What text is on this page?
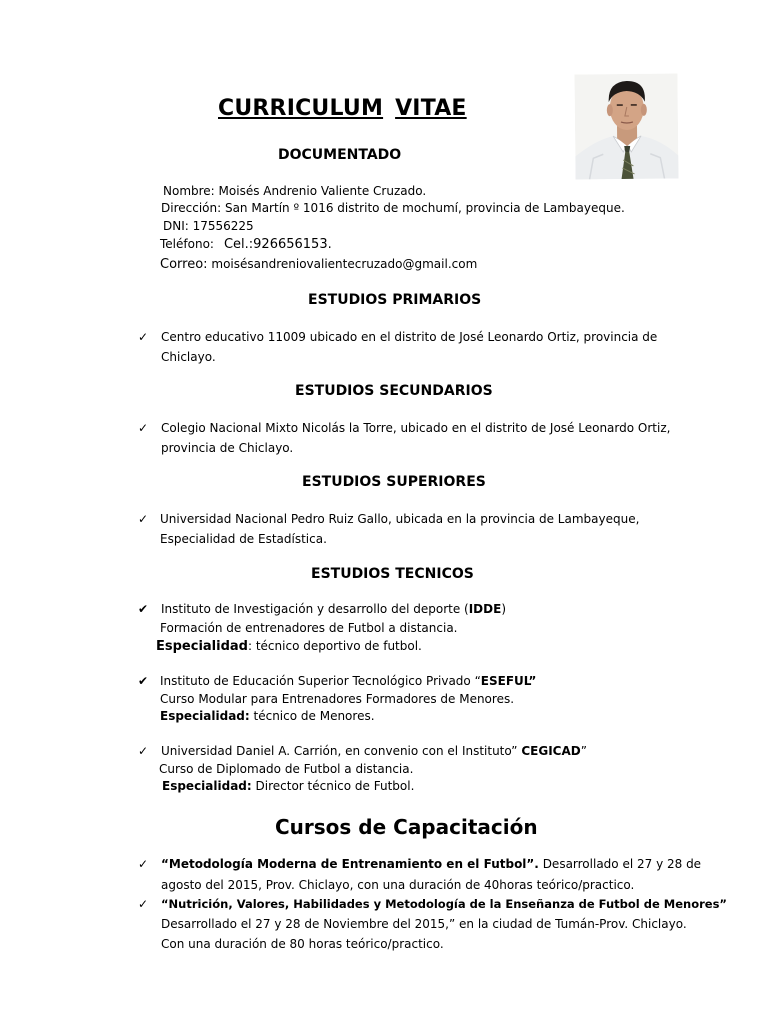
CURRICULUM VITAE
DOCUMENTADO
Nombre: Moisés Andrenio Valiente Cruzado.
Dirección: San Martín º 1016 distrito de mochumí, provincia de Lambayeque.
DNI: 17556225
Teléfono: Cel.:926656153.
Correo: moisésandreniovalientecruzado@gmail.com
ESTUDIOS PRIMARIOS
✓ Centro educativo 11009 ubicado en el distrito de José Leonardo Ortiz, provincia de
Chiclayo.
ESTUDIOS SECUNDARIOS
✓ Colegio Nacional Mixto Nicolás la Torre, ubicado en el distrito de José Leonardo Ortiz,
provincia de Chiclayo.
ESTUDIOS SUPERIORES
✓ Universidad Nacional Pedro Ruiz Gallo, ubicada en la provincia de Lambayeque,
Especialidad de Estadística.
ESTUDIOS TECNICOS
✔ Instituto de Investigación y desarrollo del deporte (IDDE)
Formación de entrenadores de Futbol a distancia.
Especialidad: técnico deportivo de futbol.
✔ Instituto de Educación Superior Tecnológico Privado “ESEFUL”
Curso Modular para Entrenadores Formadores de Menores.
Especialidad: técnico de Menores.
✓ Universidad Daniel A. Carrión, en convenio con el Instituto” CEGICAD”
Curso de Diplomado de Futbol a distancia.
Especialidad: Director técnico de Futbol.
Cursos de Capacitación
✓ “Metodología Moderna de Entrenamiento en el Futbol”. Desarrollado el 27 y 28 de
agosto del 2015, Prov. Chiclayo, con una duración de 40horas teórico/practico.
✓ “Nutrición, Valores, Habilidades y Metodología de la Enseñanza de Futbol de Menores”
Desarrollado el 27 y 28 de Noviembre del 2015,” en la ciudad de Tumán-Prov. Chiclayo.
Con una duración de 80 horas teórico/practico.
